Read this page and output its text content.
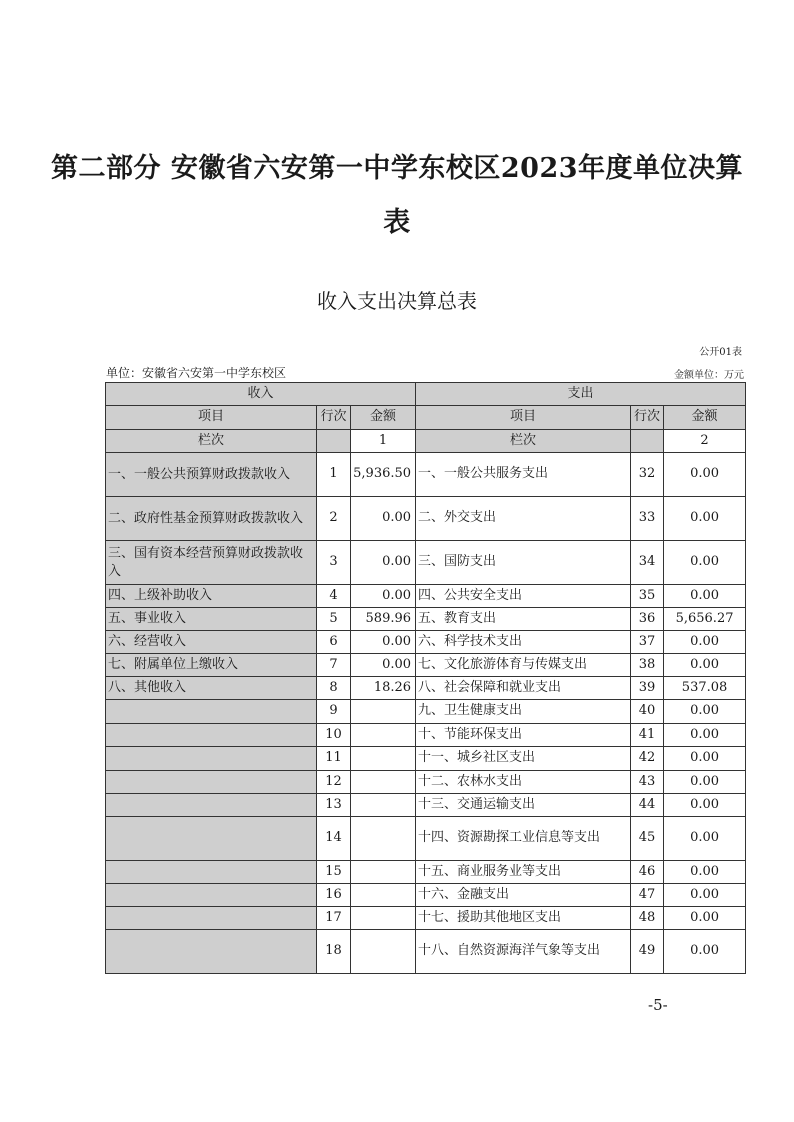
第二部分 安徽省六安第一中学东校区2023年度单位决算
表
收入支出决算总表
公开01表
单位：安徽省六安第一中学东校区	金额单位：万元
收入			支出		
项目	行次	金额	项目	行次	金额
栏次		1	栏次		2
一、一般公共预算财政拨款收入	1	5,936.50	一、一般公共服务支出	32	0.00
二、政府性基金预算财政拨款收入	2	0.00	二、外交支出	33	0.00
三、国有资本经营预算财政拨款收入	3	0.00	三、国防支出	34	0.00
四、上级补助收入	4	0.00	四、公共安全支出	35	0.00
五、事业收入	5	589.96	五、教育支出	36	5,656.27
六、经营收入	6	0.00	六、科学技术支出	37	0.00
七、附属单位上缴收入	7	0.00	七、文化旅游体育与传媒支出	38	0.00
八、其他收入	8	18.26	八、社会保障和就业支出	39	537.08
	9		九、卫生健康支出	40	0.00
	10		十、节能环保支出	41	0.00
	11		十一、城乡社区支出	42	0.00
	12		十二、农林水支出	43	0.00
	13		十三、交通运输支出	44	0.00
	14		十四、资源勘探工业信息等支出	45	0.00
	15		十五、商业服务业等支出	46	0.00
	16		十六、金融支出	47	0.00
	17		十七、援助其他地区支出	48	0.00
	18		十八、自然资源海洋气象等支出	49	0.00
-5-
